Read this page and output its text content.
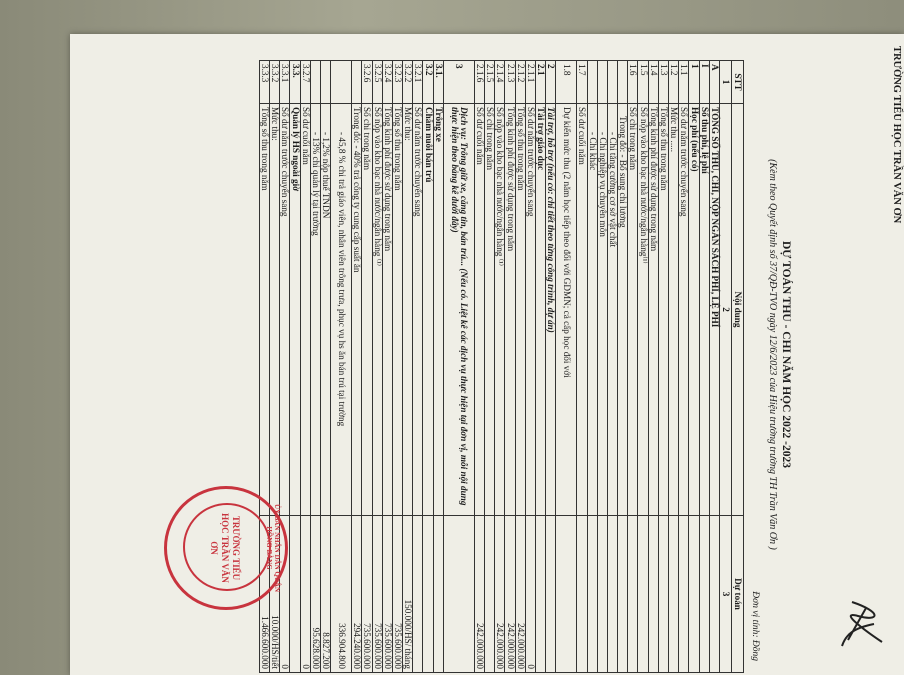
TRƯỜNG TIỂU HỌC TRẦN VĂN ƠN
DỰ TOÁN THU - CHI NĂM HỌC 2022 -2023
(Kèm theo Quyết định số 37/QĐ-TVO ngày 12/6/2023 của Hiệu trưởng trường TH Trần Văn Ơn )
Đơn vị tính: Đồng
STT	Nội dung	Dự toán
1	2	3
A	TỔNG SỐ THU, CHI, NỘP NGÂN SÁCH PHÍ, LỆ PHÍ	
I	Số thu phí, lệ phí	
1	Học phí (nếu có)	
1.1	Số dư năm trước chuyển sang	
1.2	Mức thu .....	
1.3	Tổng số thu trong năm	
1.4	Tổng kinh phí được sử dụng trong năm	
1.5	Số nộp vào kho bạc nhà nước/ngân hàng⁽¹⁾	
1.6	Số chi trong năm	
	Trong đó: - Bổ sung chi lương	
	- Chi tăng cường cơ sở vật chất	
	- Chi nghiệp vụ chuyên môn	
	- Chi khác	
1.7	Số dư cuối năm	
1.8	Dự kiến mức thu (2 năm học tiếp theo đối với GDMN; cả cấp học đối với	
2	Tài trợ, hỗ trợ (nếu có: chi tiết theo từng công trình, dự án)	
2.1	Tài trợ giáo dục	
2.1.1	Số dư năm trước chuyển sang	0
2.1.2	Tổng số thu trong năm	242.000.000
2.1.3	Tổng kinh phí được sử dụng trong năm	242.000.000
2.1.4	Số nộp vào kho bạc nhà nước/ngân hàng ⁽¹⁾	242.000.000
2.1.5	Số chi trong năm	
2.1.6	Số dư cuối năm	242.000.000
3	Dịch vụ: Trông giữ xe, căng tin, bán trú... (Nếu có. Liệt kê các dịch vụ thực hiện tại đơn vị, mỗi nội dung thực hiện theo bảng kê dưới đây)	
3.1.	Trông xe	
3.2	Chăm nuôi bán trú	
3.2.1	Số dư năm trước chuyển sang	
3.2.2	Mức thu:	150.000/HS/ tháng
3.2.3	Tổng số thu trong năm	735.600.000
3.2.4	Tổng kinh phí được sử dụng trong năm	735.600.000
3.2.5	Số nộp vào kho bạc nhà nước/ngân hàng ⁽¹⁾	735.600.000
3.2.6	Số chi trong năm	735.600.000
	Trong đó: - 40% trả công ty cung cấp suất ăn	294.240.000
	- 45,8 % chi trả giáo viên, nhân viên trông trưa, phục vụ hs ăn bán trú tại trường	336.904.800
	- 1,2% nộp thuế TNDN	8.827.200
	- 13% chi quản lý tại trường	95.628.000
3.2.7	Số dư cuối năm	0
3.3.	Quản lý HS ngoài giờ	
3.3.1	Số dư năm trước chuyển sang	0
3.3.2	Mức thu:	10.000/HS/tiết
3.3.3	Tổng số thu trong năm	1.466.600.000
ỦY BAN NHÂN DÂN QUẬN HỒNG BÀNG
TRƯỜNG TIỂU HỌC TRẦN VĂN ƠN
